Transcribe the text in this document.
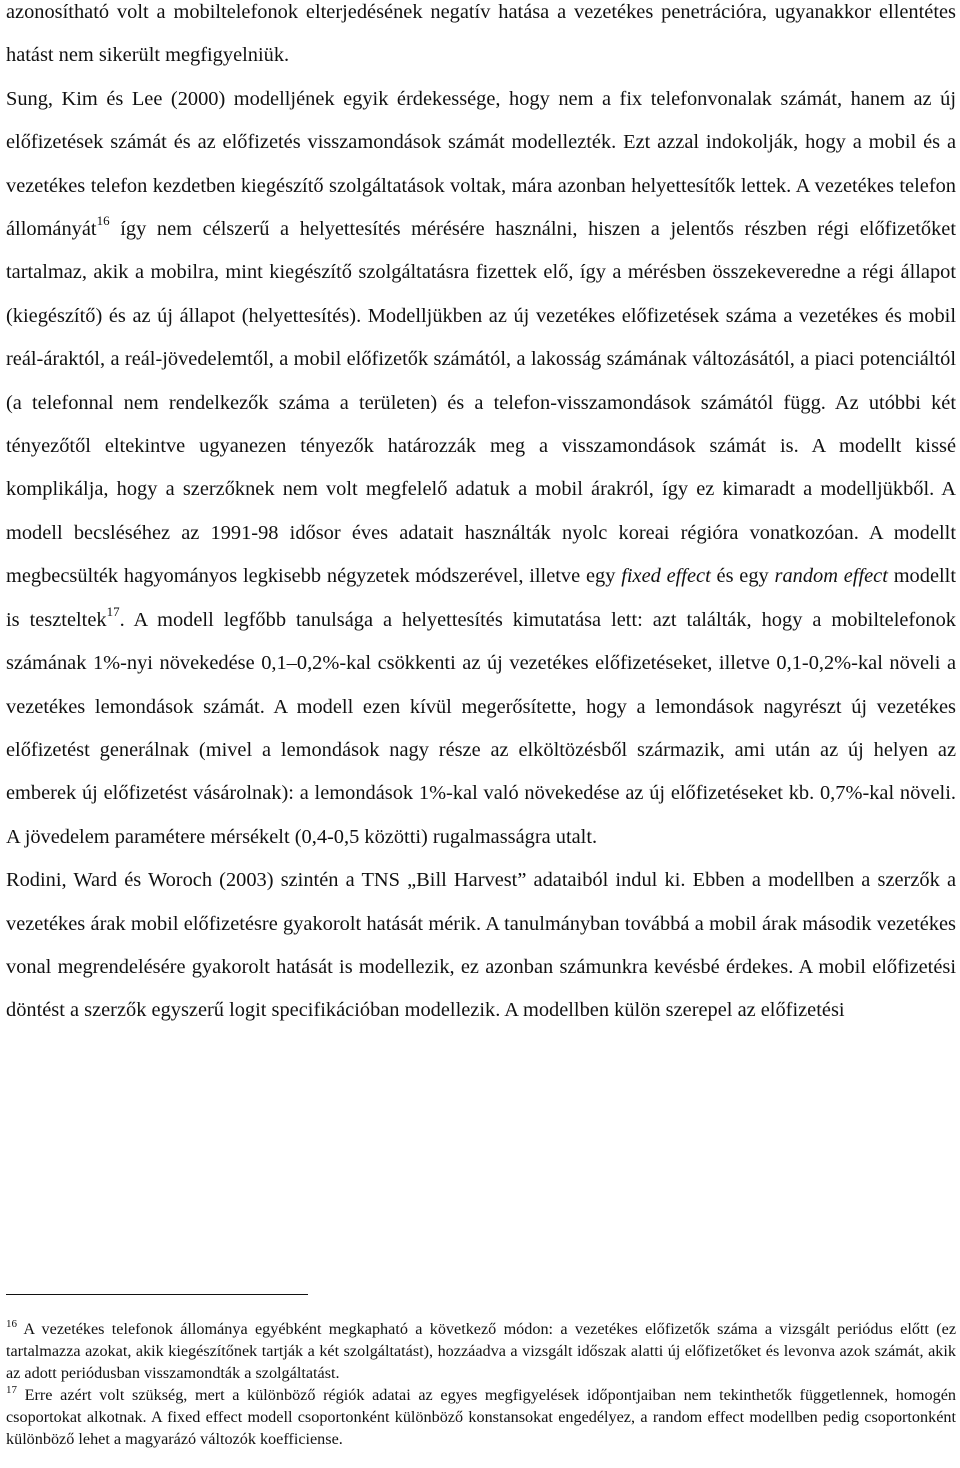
azonosítható volt a mobiltelefonok elterjedésének negatív hatása a vezetékes penetrációra, ugyanakkor ellentétes hatást nem sikerült megfigyelniük.

Sung, Kim és Lee (2000) modelljének egyik érdekessége, hogy nem a fix telefonvonalak számát, hanem az új előfizetések számát és az előfizetés visszamondások számát modellezték. Ezt azzal indokolják, hogy a mobil és a vezetékes telefon kezdetben kiegészítő szolgáltatások voltak, mára azonban helyettesítők lettek. A vezetékes telefon állományát$^{16}$ így nem célszerű a helyettesítés mérésére használni, hiszen a jelentős részben régi előfizetőket tartalmaz, akik a mobilra, mint kiegészítő szolgáltatásra fizettek elő, így a mérésben összekeveredne a régi állapot (kiegészítő) és az új állapot (helyettesítés). Modelljükben az új vezetékes előfizetések száma a vezetékes és mobil reál-áraktól, a reál-jövedelemtől, a mobil előfizetők számától, a lakosság számának változásától, a piaci potenciáltól (a telefonnal nem rendelkezők száma a területen) és a telefon-visszamondások számától függ. Az utóbbi két tényezőtől eltekintve ugyanezen tényezők határozzák meg a visszamondások számát is. A modellt kissé komplikálja, hogy a szerzőknek nem volt megfelelő adatuk a mobil árakról, így ez kimaradt a modelljükből. A modell becsléséhez az 1991-98 idősor éves adatait használták nyolc koreai régióra vonatkozóan. A modellt megbecsülték hagyományos legkisebb négyzetek módszerével, illetve egy fixed effect és egy random effect modellt is teszteltek$^{17}$. A modell legfőbb tanulsága a helyettesítés kimutatása lett: azt találták, hogy a mobiltelefonok számának 1%-nyi növekedése 0,1–0,2%-kal csökkenti az új vezetékes előfizetéseket, illetve 0,1-0,2%-kal növeli a vezetékes lemondások számát. A modell ezen kívül megerősítette, hogy a lemondások nagyrészt új vezetékes előfizetést generálnak (mivel a lemondások nagy része az elköltözésből származik, ami után az új helyen az emberek új előfizetést vásárolnak): a lemondások 1%-kal való növekedése az új előfizetéseket kb. 0,7%-kal növeli. A jövedelem paramétere mérsékelt (0,4-0,5 közötti) rugalmasságra utalt.

Rodini, Ward és Woroch (2003) szintén a TNS „Bill Harvest” adataiból indul ki. Ebben a modellben a szerzők a vezetékes árak mobil előfizetésre gyakorolt hatását mérik. A tanulmányban továbbá a mobil árak második vezetékes vonal megrendelésére gyakorolt hatását is modellezik, ez azonban számunkra kevésbé érdekes. A mobil előfizetési döntést a szerzők egyszerű logit specifikációban modellezik. A modellben külön szerepel az előfizetési

$^{16}$ A vezetékes telefonok állománya egyébként megkapható a következő módon: a vezetékes előfizetők száma a vizsgált periódus előtt (ez tartalmazza azokat, akik kiegészítőnek tartják a két szolgáltatást), hozzáadva a vizsgált időszak alatti új előfizetőket és levonva azok számát, akik az adott periódusban visszamondták a szolgáltatást.

$^{17}$ Erre azért volt szükség, mert a különböző régiók adatai az egyes megfigyelések időpontjaiban nem tekinthetők függetlennek, homogén csoportokat alkotnak. A fixed effect modell csoportonként különböző konstansokat engedélyez, a random effect modellben pedig csoportonként különböző lehet a magyarázó változók koefficiense.
